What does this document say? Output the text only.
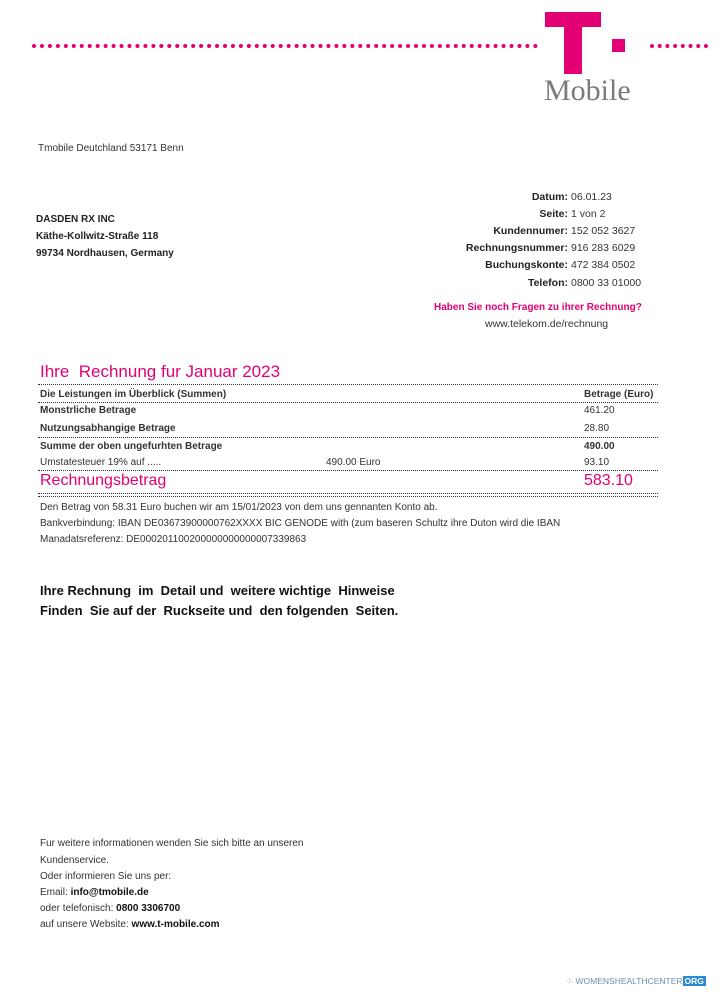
Mobile
Tmobile Deutchland 53171 Benn
DASDEN RX INC
Käthe-Kollwitz-Straße 118
99734 Nordhausen, Germany
Datum: 06.01.23
Seite: 1 von 2
Kundennumer: 152 052 3627
Rechnungsnummer: 916 283 6029
Buchungskonte: 472 384 0502
Telefon: 0800 33 01000
Haben Sie noch Fragen zu ihrer Rechnung?
www.telekom.de/rechnung
Ihre  Rechnung fur Januar 2023
Die Leistungen im Überblick (Summen)	Betrage (Euro)
Monstrliche Betrage	461.20
Nutzungsabhangige Betrage	28.80
Summe der oben ungefurhten Betrage	490.00
Umstatesteuer 19% auf .....	490.00 Euro	93.10
Rechnungsbetrag	583.10
Den Betrag von 58.31 Euro buchen wir am 15/01/2023 von dem uns gennanten Konto ab.
Bankverbindung: IBAN DE03673900000762XXXX BIC GENODE with (zum baseren Schultz ihre Duton wird die IBAN
Manadatsreferenz: DE000201100200000000000007339863
Ihre Rechnung  im  Detail und  weitere wichtige  Hinweise
Finden  Sie auf der  Ruckseite und  den folgenden  Seiten.
Fur weitere informationen wenden Sie sich bitte an unseren
Kundenservice.
Oder informieren Sie uns per:
Email: info@tmobile.de
oder telefonisch: 0800 3306700
auf unsere Website: www.t-mobile.com
⁘ WOMENSHEALTHCENTER ORG
